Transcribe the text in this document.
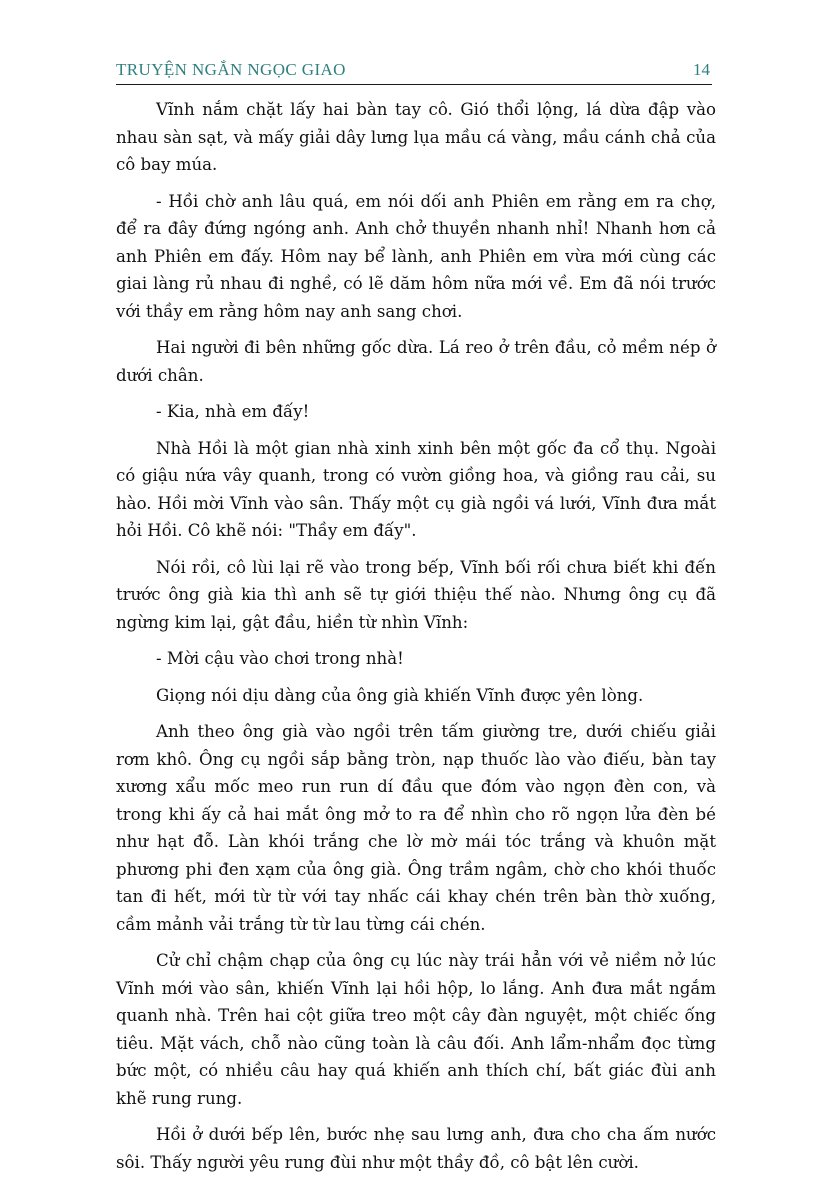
TRUYỆN NGẮN NGỌC GIAO	14

Vĩnh nắm chặt lấy hai bàn tay cô. Gió thổi lộng, lá dừa đập vào nhau sàn sạt, và mấy giải dây lưng lụa mầu cá vàng, mầu cánh chả của cô bay múa.

- Hồi chờ anh lâu quá, em nói dối anh Phiên em rằng em ra chợ, để ra đây đứng ngóng anh. Anh chở thuyền nhanh nhỉ! Nhanh hơn cả anh Phiên em đấy. Hôm nay bể lành, anh Phiên em vừa mới cùng các giai làng rủ nhau đi nghề, có lẽ dăm hôm nữa mới về. Em đã nói trước với thầy em rằng hôm nay anh sang chơi.

Hai người đi bên những gốc dừa. Lá reo ở trên đầu, cỏ mềm nép ở dưới chân.

- Kia, nhà em đấy!

Nhà Hồi là một gian nhà xinh xinh bên một gốc đa cổ thụ. Ngoài có giậu nứa vây quanh, trong có vườn giồng hoa, và giồng rau cải, su hào. Hồi mời Vĩnh vào sân. Thấy một cụ già ngồi vá lưới, Vĩnh đưa mắt hỏi Hồi. Cô khẽ nói: "Thầy em đấy".

Nói rồi, cô lùi lại rẽ vào trong bếp, Vĩnh bối rối chưa biết khi đến trước ông già kia thì anh sẽ tự giới thiệu thế nào. Nhưng ông cụ đã ngừng kim lại, gật đầu, hiền từ nhìn Vĩnh:

- Mời cậu vào chơi trong nhà!

Giọng nói dịu dàng của ông già khiến Vĩnh được yên lòng.

Anh theo ông già vào ngồi trên tấm giường tre, dưới chiếu giải rơm khô. Ông cụ ngồi sắp bằng tròn, nạp thuốc lào vào điếu, bàn tay xương xẩu mốc meo run run dí đầu que đóm vào ngọn đèn con, và trong khi ấy cả hai mắt ông mở to ra để nhìn cho rõ ngọn lửa đèn bé như hạt đỗ. Làn khói trắng che lờ mờ mái tóc trắng và khuôn mặt phương phi đen xạm của ông già. Ông trầm ngâm, chờ cho khói thuốc tan đi hết, mới từ từ với tay nhấc cái khay chén trên bàn thờ xuống, cầm mảnh vải trắng từ từ lau từng cái chén.

Cử chỉ chậm chạp của ông cụ lúc này trái hẳn với vẻ niềm nở lúc Vĩnh mới vào sân, khiến Vĩnh lại hồi hộp, lo lắng. Anh đưa mắt ngắm quanh nhà. Trên hai cột giữa treo một cây đàn nguyệt, một chiếc ống tiêu. Mặt vách, chỗ nào cũng toàn là câu đối. Anh lẩm-nhẩm đọc từng bức một, có nhiều câu hay quá khiến anh thích chí, bất giác đùi anh khẽ rung rung.

Hồi ở dưới bếp lên, bước nhẹ sau lưng anh, đưa cho cha ấm nước sôi. Thấy người yêu rung đùi như một thầy đồ, cô bật lên cười.
